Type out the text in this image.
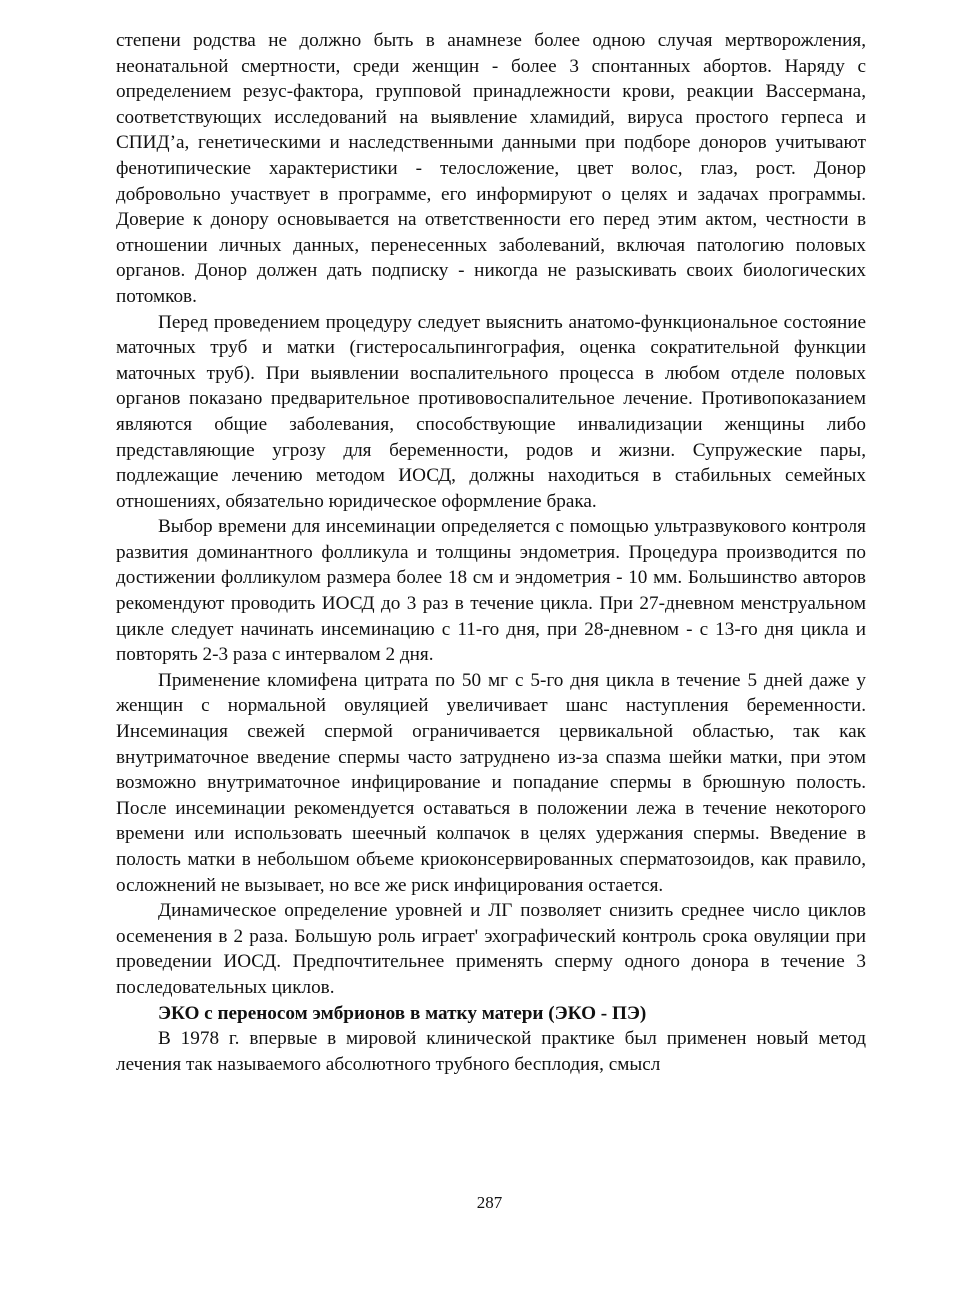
степени родства не должно быть в анамнезе более одною случая мертворожления, неонатальной смертности, среди женщин - более 3 спонтанных абортов. Наряду с определением резус-фактора, групповой принадлежности крови, реакции Вассермана, соответствующих исследований на выявление хламидий, вируса простого герпеса и СПИД’а, генетическими и наследственными данными при подборе доноров учитывают фенотипические характеристики - телосложение, цвет волос, глаз, рост. Донор добровольно участвует в программе, его информируют о целях и задачах программы. Доверие к донору основывается на ответственности его перед этим актом, честности в отношении личных данных, перенесенных заболеваний, включая патологию половых органов. Донор должен дать подписку - никогда не разыскивать своих биологических потомков.

Перед проведением процедуру следует выяснить анатомо-функциональное состояние маточных труб и матки (гистеросальпингография, оценка сократительной функции маточных труб). При выявлении воспалительного процесса в любом отделе половых органов показано предварительное противовоспалительное лечение. Противопоказанием являются общие заболевания, способствующие инвалидизации женщины либо представляющие угрозу для беременности, родов и жизни. Супружеские пары, подлежащие лечению методом ИОСД, должны находиться в стабильных семейных отношениях, обязательно юридическое оформление брака.

Выбор времени для инсеминации определяется с помощью ультразвукового контроля развития доминантного фолликула и толщины эндометрия. Процедура производится по достижении фолликулом размера более 18 см и эндометрия - 10 мм. Большинство авторов рекомендуют проводить ИОСД до 3 раз в течение цикла. При 27-дневном менструальном цикле следует начинать инсеминацию с 11-го дня, при 28-дневном - с 13-го дня цикла и повторять 2-3 раза с интервалом 2 дня.

Применение кломифена цитрата по 50 мг с 5-го дня цикла в течение 5 дней даже у женщин с нормальной овуляцией увеличивает шанс наступления беременности. Инсеминация свежей спермой ограничивается цервикальной областью, так как внутриматочное введение спермы часто затруднено из-за спазма шейки матки, при этом возможно внутриматочное инфицирование и попадание спермы в брюшную полость. После инсеминации рекомендуется оставаться в положении лежа в течение некоторого времени или использовать шеечный колпачок в целях удержания спермы. Введение в полость матки в небольшом объеме криоконсервированных сперматозоидов, как правило, осложнений не вызывает, но все же риск инфицирования остается.

Динамическое определение уровней и ЛГ позволяет снизить среднее число циклов осеменения в 2 раза. Большую роль играет' эхографический контроль срока овуляции при проведении ИОСД. Предпочтительнее применять сперму одного донора в течение 3 последовательных циклов.

ЭКО с переносом эмбрионов в матку матери (ЭКО - ПЭ)

В 1978 г. впервые в мировой клинической практике был применен новый метод лечения так называемого абсолютного трубного бесплодия, смысл

287
